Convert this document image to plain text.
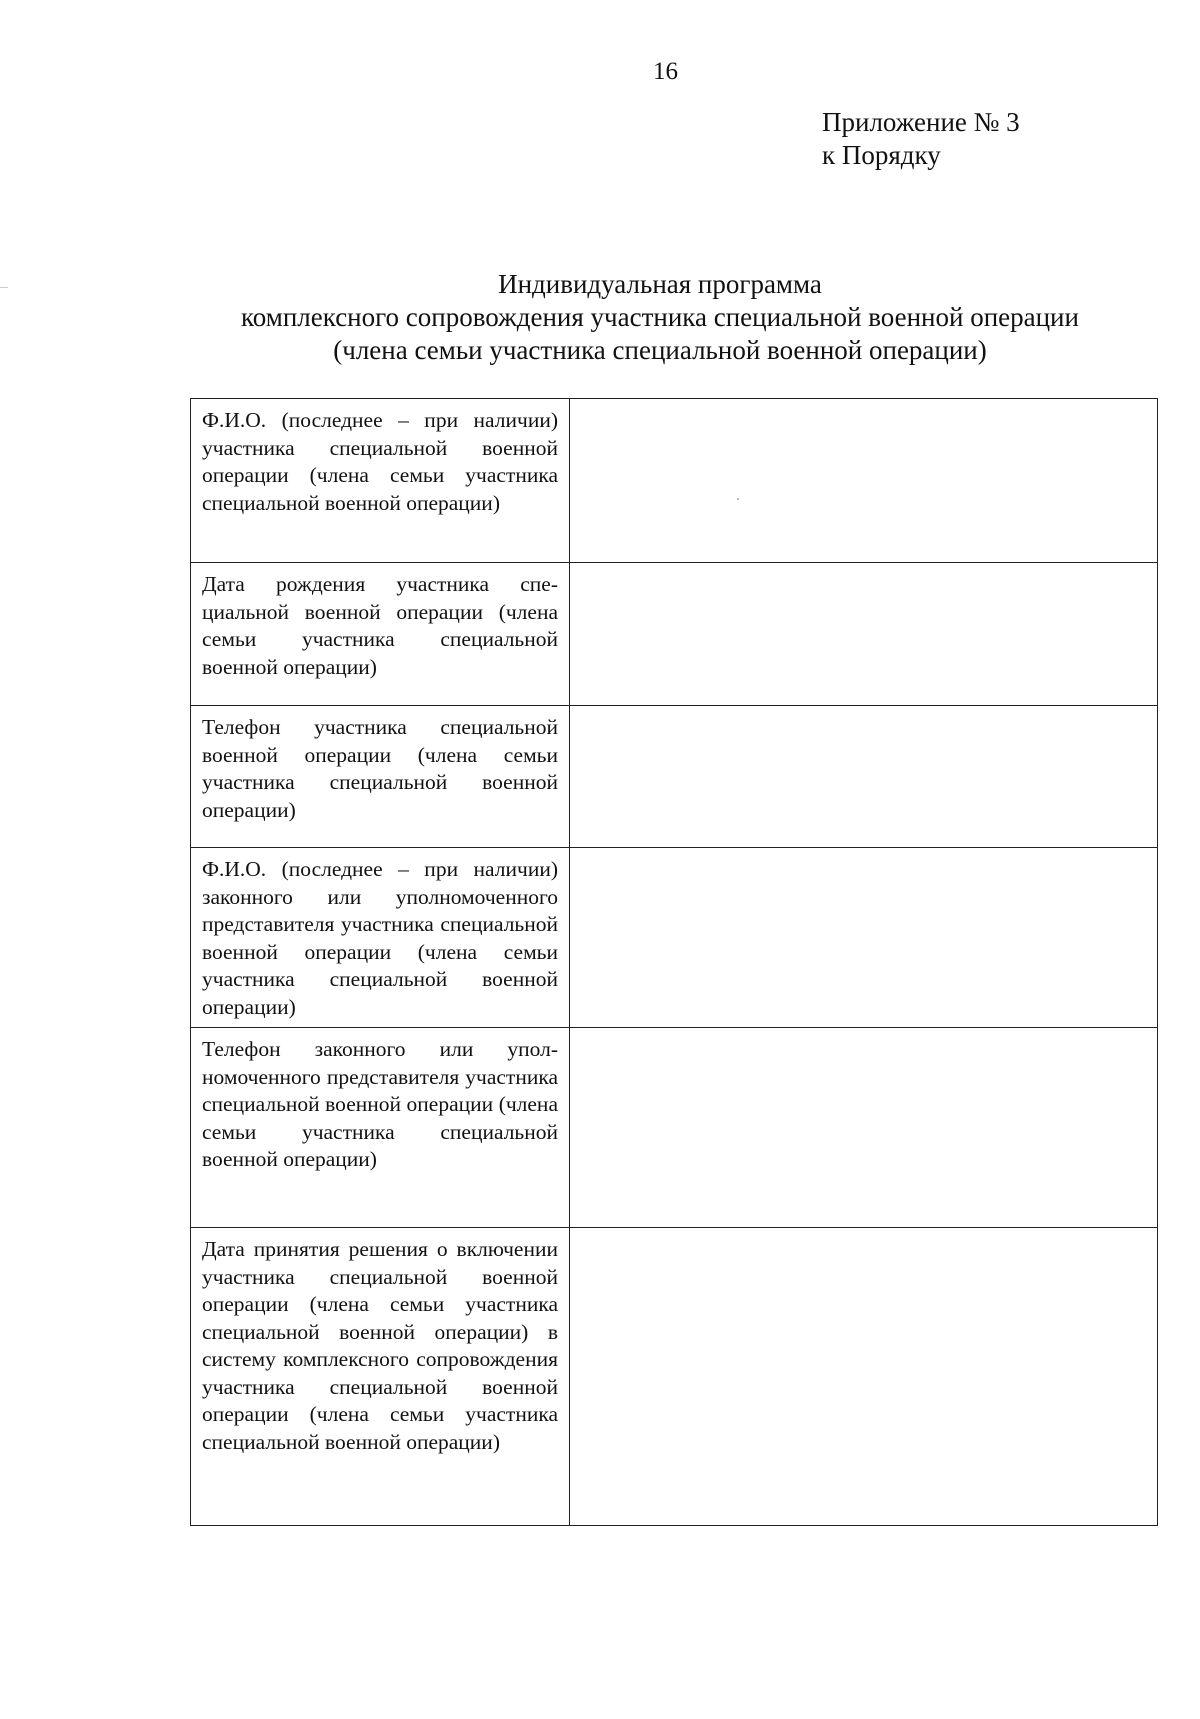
16
Приложение № 3
к Порядку
Индивидуальная программа
комплексного сопровождения участника специальной военной операции
(члена семьи участника специальной военной операции)
Ф.И.О. (последнее – при наличии) участника специальной военной операции (члена семьи участника специальной военной операции)	
Дата рождения участника специальной военной операции (члена семьи участника специальной военной операции)	
Телефон участника специальной военной операции (члена семьи участника специальной военной операции)	
Ф.И.О. (последнее – при наличии) законного или уполномоченного представителя участника специальной военной операции (члена семьи участника специальной военной операции)	
Телефон законного или уполномоченного представителя участника специальной военной операции (члена семьи участника специальной военной операции)	
Дата принятия решения о включении участника специальной военной операции (члена семьи участника специальной военной операции) в систему комплексного сопровождения участника специальной военной операции (члена семьи участника специальной военной операции)	
